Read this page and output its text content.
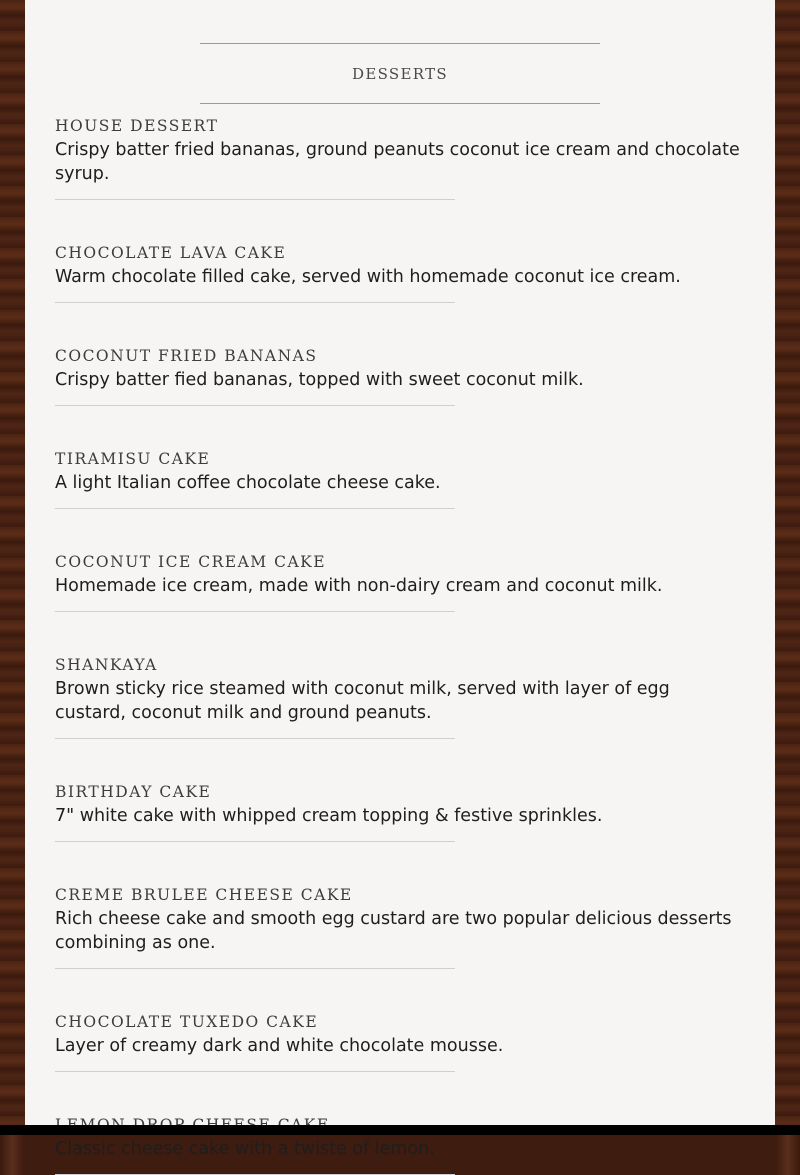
DESSERTS
HOUSE DESSERT
Crispy batter fried bananas, ground peanuts coconut ice cream and chocolate syrup.
CHOCOLATE LAVA CAKE
Warm chocolate filled cake, served with homemade coconut ice cream.
COCONUT FRIED BANANAS
Crispy batter fied bananas, topped with sweet coconut milk.
TIRAMISU CAKE
A light Italian coffee chocolate cheese cake.
COCONUT ICE CREAM CAKE
Homemade ice cream, made with non-dairy cream and coconut milk.
SHANKAYA
Brown sticky rice steamed with coconut milk, served with layer of egg custard, coconut milk and ground peanuts.
BIRTHDAY CAKE
7" white cake with whipped cream topping & festive sprinkles.
CREME BRULEE CHEESE CAKE
Rich cheese cake and smooth egg custard are two popular delicious desserts combining as one.
CHOCOLATE TUXEDO CAKE
Layer of creamy dark and white chocolate mousse.
Classic cheese cake with a twiste of lemon.
